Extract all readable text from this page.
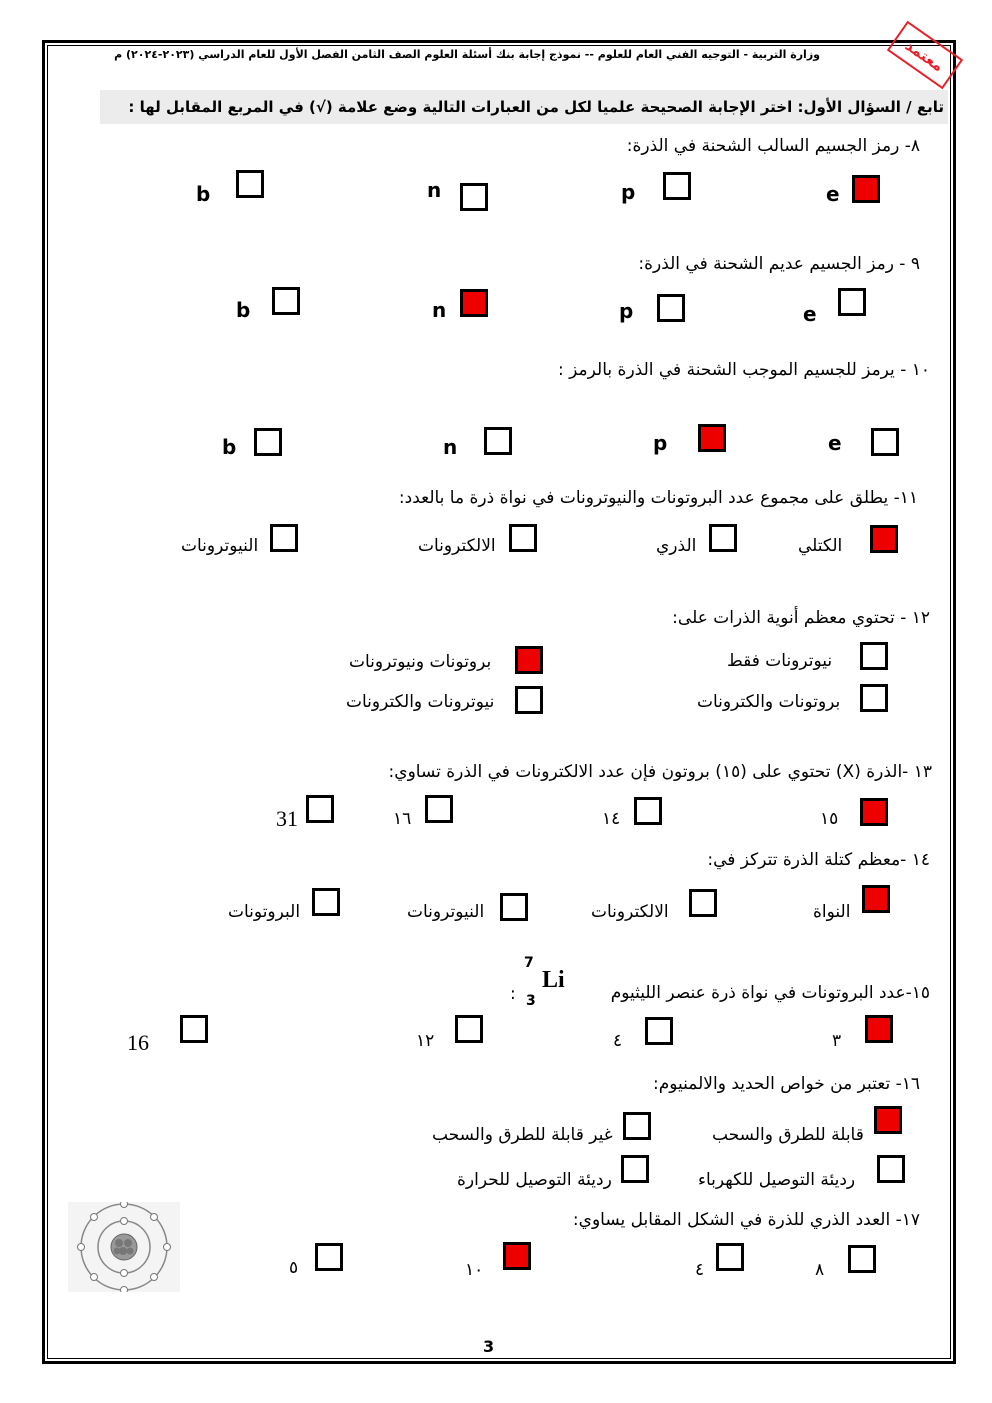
معتمد
وزارة التربية - التوجيه الفني العام للعلوم -- نموذج إجابة بنك أسئلة العلوم الصف الثامن الفصل الأول للعام الدراسي (٢٠٢٣-٢٠٢٤) م
تابع / السؤال الأول: اختر الإجابة الصحيحة علميا لكل من العبارات التالية وضع علامة (√) في المربع المقابل لها :
٨- رمز الجسيم السالب الشحنة في الذرة:
b	n	p	e
٩ - رمز الجسيم عديم الشحنة في الذرة:
b	n	p	e
١٠ - يرمز للجسيم الموجب الشحنة في الذرة بالرمز :
b	n	p	e
١١- يطلق على مجموع عدد البروتونات والنيوترونات في نواة ذرة ما بالعدد:
النيوترونات	الالكترونات	الذري	الكتلي
١٢ - تحتوي معظم أنوية الذرات على:
بروتونات ونيوترونات	نيوترونات فقط
نيوترونات والكترونات	بروتونات والكترونات
١٣ -الذرة (X) تحتوي على (١٥) بروتون فإن عدد الالكترونات في الذرة تساوي:
31	١٦	١٤	١٥
١٤ -معظم كتلة الذرة تتركز في:
البروتونات	النيوترونات	الالكترونات	النواة
١٥-عدد البروتونات في نواة ذرة عنصر الليثيوم
:
7
3
Li
16	١٢	٤	٣
١٦- تعتبر من خواص الحديد والالمنيوم:
غير قابلة للطرق والسحب	قابلة للطرق والسحب
رديئة التوصيل للحرارة	رديئة التوصيل للكهرباء
١٧- العدد الذري للذرة في الشكل المقابل يساوي:
٥	١٠	٤	٨
3
